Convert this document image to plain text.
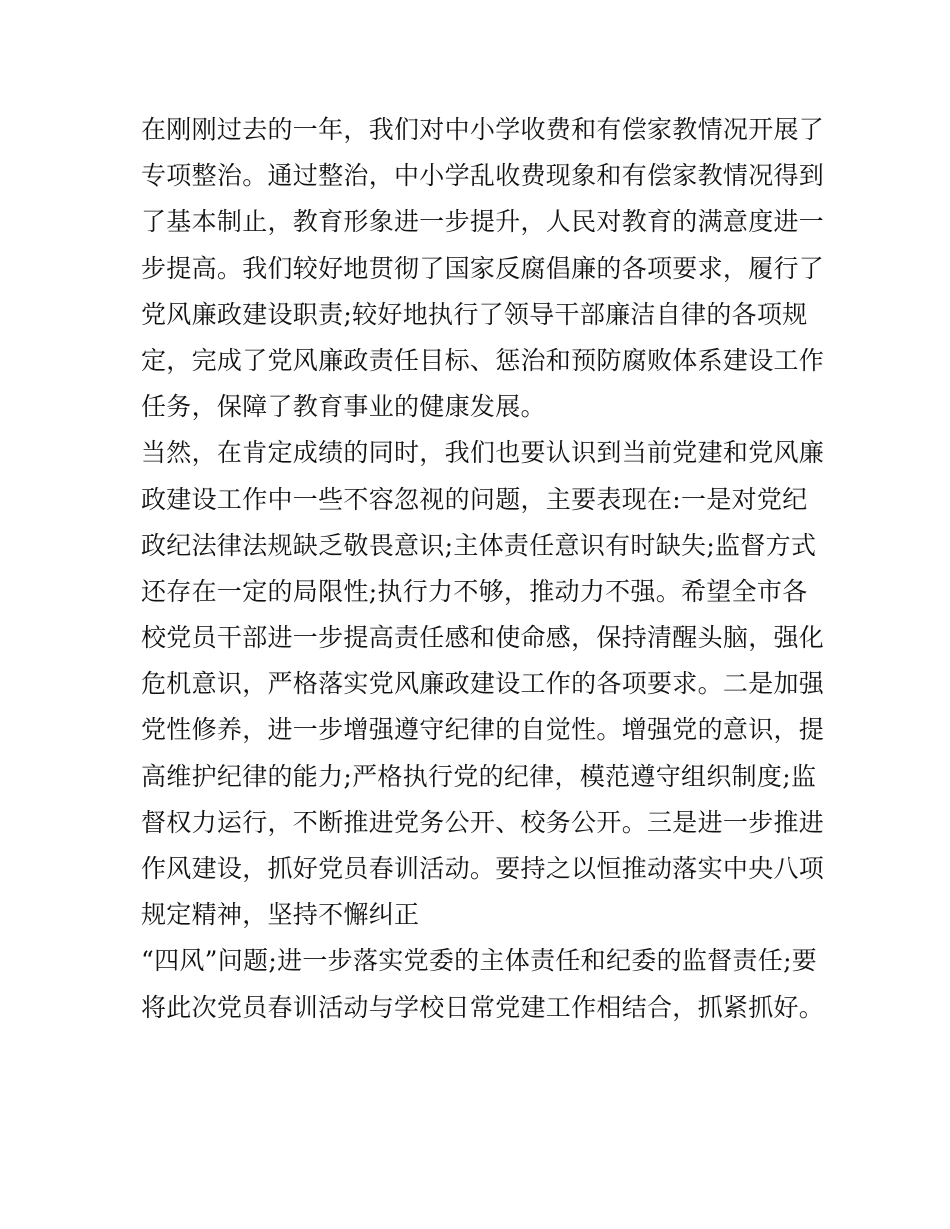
在刚刚过去的一年，我们对中小学收费和有偿家教情况开展了
专项整治。通过整治，中小学乱收费现象和有偿家教情况得到
了基本制止，教育形象进一步提升，人民对教育的满意度进一
步提高。我们较好地贯彻了国家反腐倡廉的各项要求，履行了
党风廉政建设职责;较好地执行了领导干部廉洁自律的各项规
定，完成了党风廉政责任目标、惩治和预防腐败体系建设工作
任务，保障了教育事业的健康发展。
当然，在肯定成绩的同时，我们也要认识到当前党建和党风廉
政建设工作中一些不容忽视的问题，主要表现在:一是对党纪
政纪法律法规缺乏敬畏意识;主体责任意识有时缺失;监督方式
还存在一定的局限性;执行力不够，推动力不强。希望全市各
校党员干部进一步提高责任感和使命感，保持清醒头脑，强化
危机意识，严格落实党风廉政建设工作的各项要求。二是加强
党性修养，进一步增强遵守纪律的自觉性。增强党的意识，提
高维护纪律的能力;严格执行党的纪律，模范遵守组织制度;监
督权力运行，不断推进党务公开、校务公开。三是进一步推进
作风建设，抓好党员春训活动。要持之以恒推动落实中央八项
规定精神，坚持不懈纠正
“四风”问题;进一步落实党委的主体责任和纪委的监督责任;要
将此次党员春训活动与学校日常党建工作相结合，抓紧抓好。
